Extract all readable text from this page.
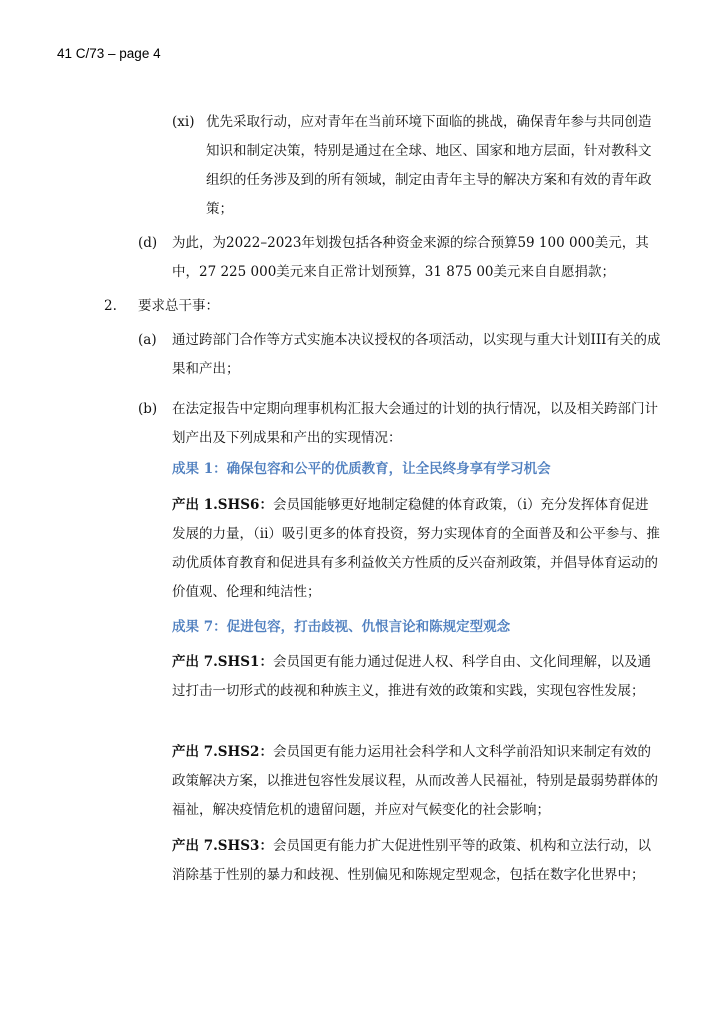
41 C/73 – page 4
(xi) 优先采取行动，应对青年在当前环境下面临的挑战，确保青年参与共同创造知识和制定决策，特别是通过在全球、地区、国家和地方层面，针对教科文组织的任务涉及到的所有领域，制定由青年主导的解决方案和有效的青年政策；
(d) 为此，为2022–2023年划拨包括各种资金来源的综合预算59 100 000美元，其中，27 225 000美元来自正常计划预算，31 875 00美元来自自愿捐款；
2. 要求总干事：
(a) 通过跨部门合作等方式实施本决议授权的各项活动，以实现与重大计划III有关的成果和产出；
(b) 在法定报告中定期向理事机构汇报大会通过的计划的执行情况，以及相关跨部门计划产出及下列成果和产出的实现情况：
成果 1：确保包容和公平的优质教育，让全民终身享有学习机会
产出 1.SHS6：会员国能够更好地制定稳健的体育政策，（i）充分发挥体育促进发展的力量，（ii）吸引更多的体育投资，努力实现体育的全面普及和公平参与、推动优质体育教育和促进具有多利益攸关方性质的反兴奋剂政策，并倡导体育运动的价值观、伦理和纯洁性；
成果 7：促进包容，打击歧视、仇恨言论和陈规定型观念
产出 7.SHS1：会员国更有能力通过促进人权、科学自由、文化间理解，以及通过打击一切形式的歧视和种族主义，推进有效的政策和实践，实现包容性发展；
产出 7.SHS2：会员国更有能力运用社会科学和人文科学前沿知识来制定有效的政策解决方案，以推进包容性发展议程，从而改善人民福祉，特别是最弱势群体的福祉，解决疫情危机的遗留问题，并应对气候变化的社会影响；
产出 7.SHS3：会员国更有能力扩大促进性别平等的政策、机构和立法行动，以消除基于性别的暴力和歧视、性别偏见和陈规定型观念，包括在数字化世界中；
